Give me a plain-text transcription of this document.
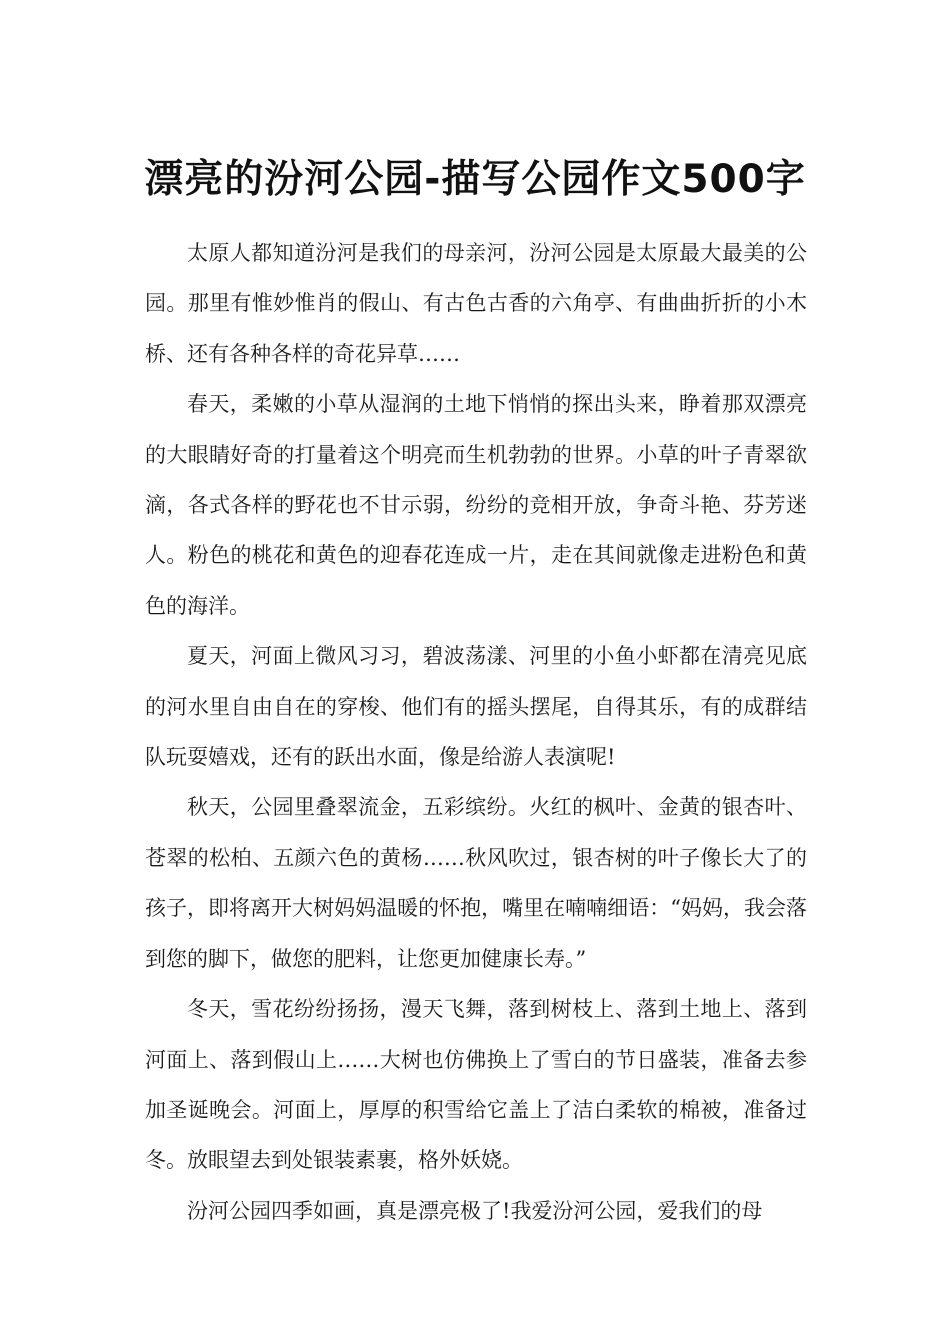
漂亮的汾河公园-描写公园作文500字

太原人都知道汾河是我们的母亲河，汾河公园是太原最大最美的公园。那里有惟妙惟肖的假山、有古色古香的六角亭、有曲曲折折的小木桥、还有各种各样的奇花异草……

春天，柔嫩的小草从湿润的土地下悄悄的探出头来，睁着那双漂亮的大眼睛好奇的打量着这个明亮而生机勃勃的世界。小草的叶子青翠欲滴，各式各样的野花也不甘示弱，纷纷的竞相开放，争奇斗艳、芬芳迷人。粉色的桃花和黄色的迎春花连成一片，走在其间就像走进粉色和黄色的海洋。

夏天，河面上微风习习，碧波荡漾、河里的小鱼小虾都在清亮见底的河水里自由自在的穿梭、他们有的摇头摆尾，自得其乐，有的成群结队玩耍嬉戏，还有的跃出水面，像是给游人表演呢!

秋天，公园里叠翠流金，五彩缤纷。火红的枫叶、金黄的银杏叶、苍翠的松柏、五颜六色的黄杨……秋风吹过，银杏树的叶子像长大了的孩子，即将离开大树妈妈温暖的怀抱，嘴里在喃喃细语：“妈妈，我会落到您的脚下，做您的肥料，让您更加健康长寿。”

冬天，雪花纷纷扬扬，漫天飞舞，落到树枝上、落到土地上、落到河面上、落到假山上……大树也仿佛换上了雪白的节日盛装，准备去参加圣诞晚会。河面上，厚厚的积雪给它盖上了洁白柔软的棉被，准备过冬。放眼望去到处银装素裹，格外妖娆。

汾河公园四季如画，真是漂亮极了!我爱汾河公园，爱我们的母
